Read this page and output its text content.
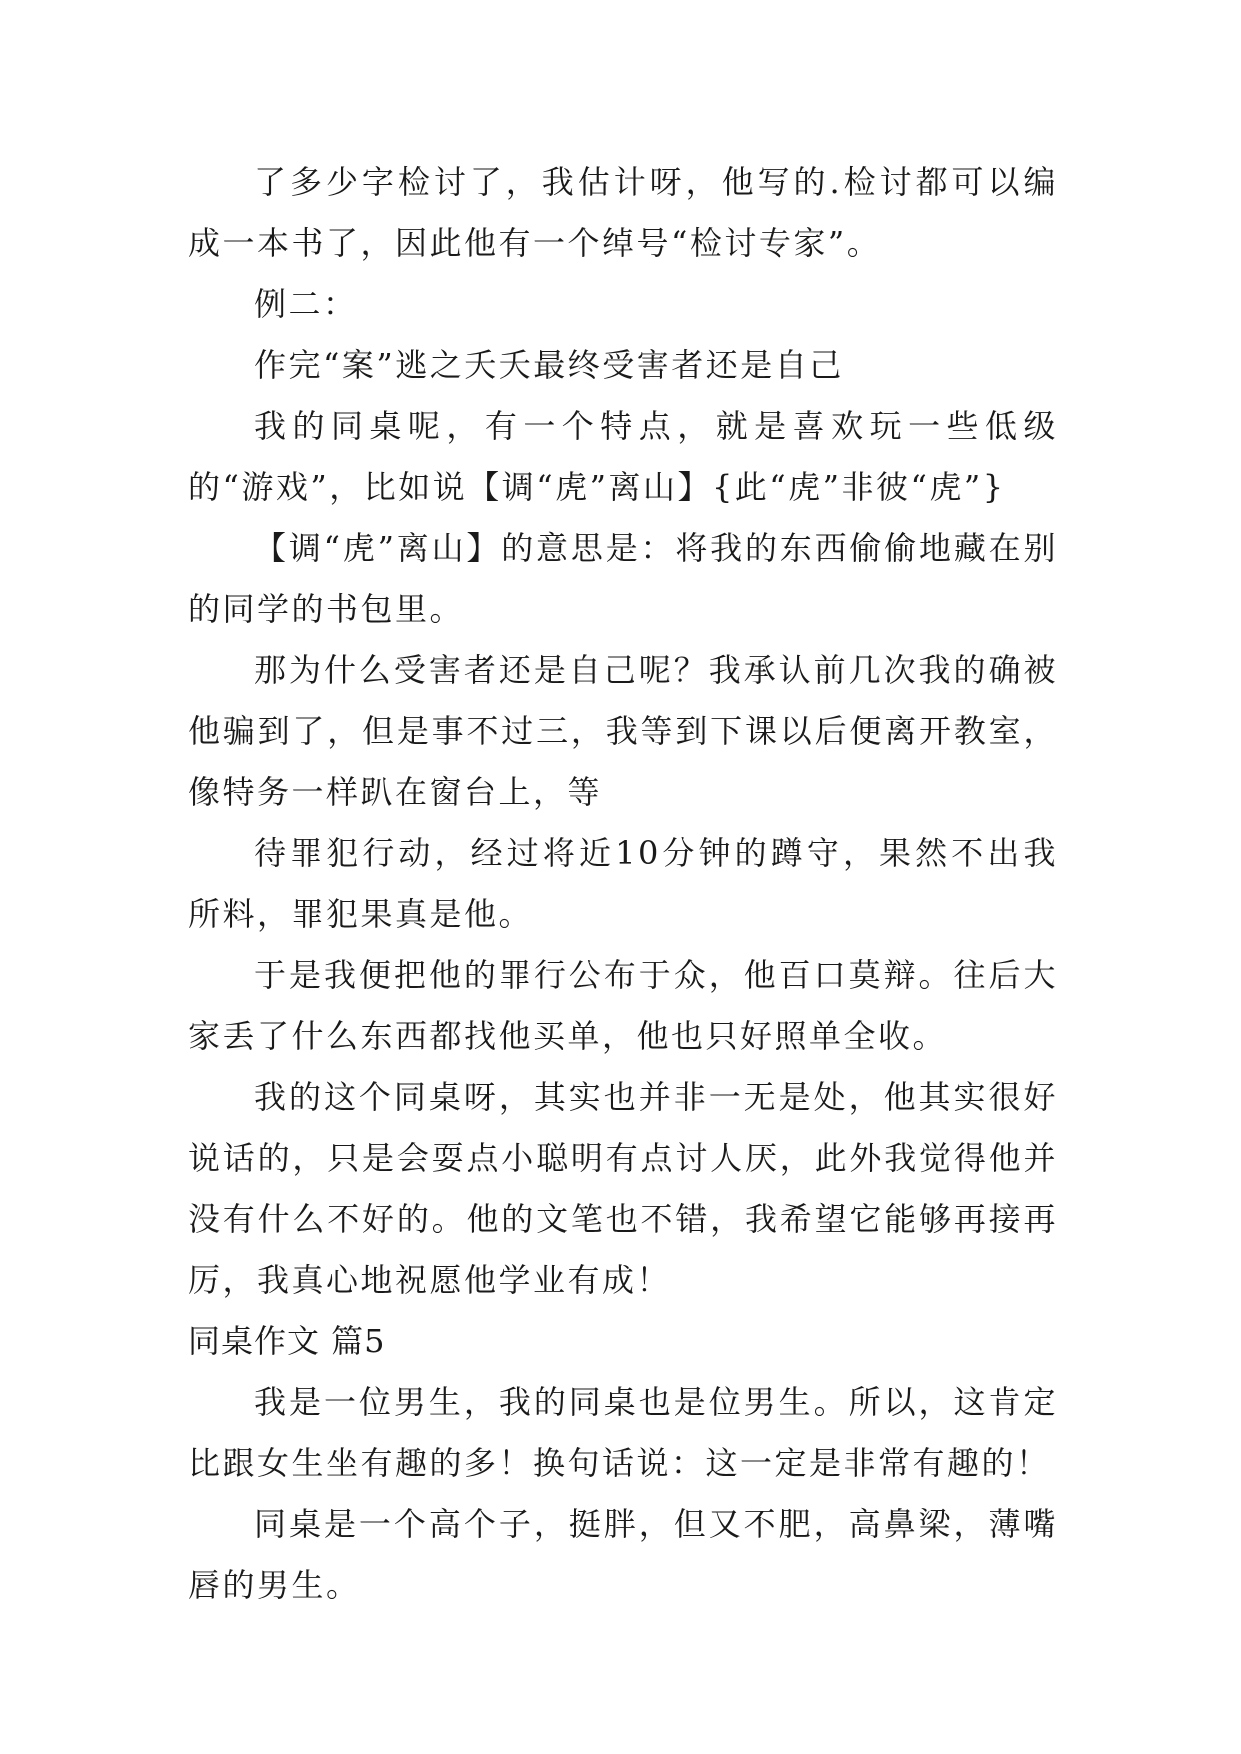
了多少字检讨了，我估计呀，他写的.检讨都可以编成一本书了，因此他有一个绰号“检讨专家”。

例二：

作完“案”逃之夭夭最终受害者还是自己

我的同桌呢，有一个特点，就是喜欢玩一些低级的“游戏”，比如说【调“虎”离山】{此“虎”非彼“虎”}

【调“虎”离山】的意思是：将我的东西偷偷地藏在别的同学的书包里。

那为什么受害者还是自己呢？我承认前几次我的确被他骗到了，但是事不过三，我等到下课以后便离开教室，像特务一样趴在窗台上，等

待罪犯行动，经过将近10分钟的蹲守，果然不出我所料，罪犯果真是他。

于是我便把他的罪行公布于众，他百口莫辩。往后大家丢了什么东西都找他买单，他也只好照单全收。

我的这个同桌呀，其实也并非一无是处，他其实很好说话的，只是会耍点小聪明有点讨人厌，此外我觉得他并没有什么不好的。他的文笔也不错，我希望它能够再接再厉，我真心地祝愿他学业有成！

同桌作文 篇5

我是一位男生，我的同桌也是位男生。所以，这肯定比跟女生坐有趣的多！换句话说：这一定是非常有趣的！

同桌是一个高个子，挺胖，但又不肥，高鼻梁，薄嘴唇的男生。
